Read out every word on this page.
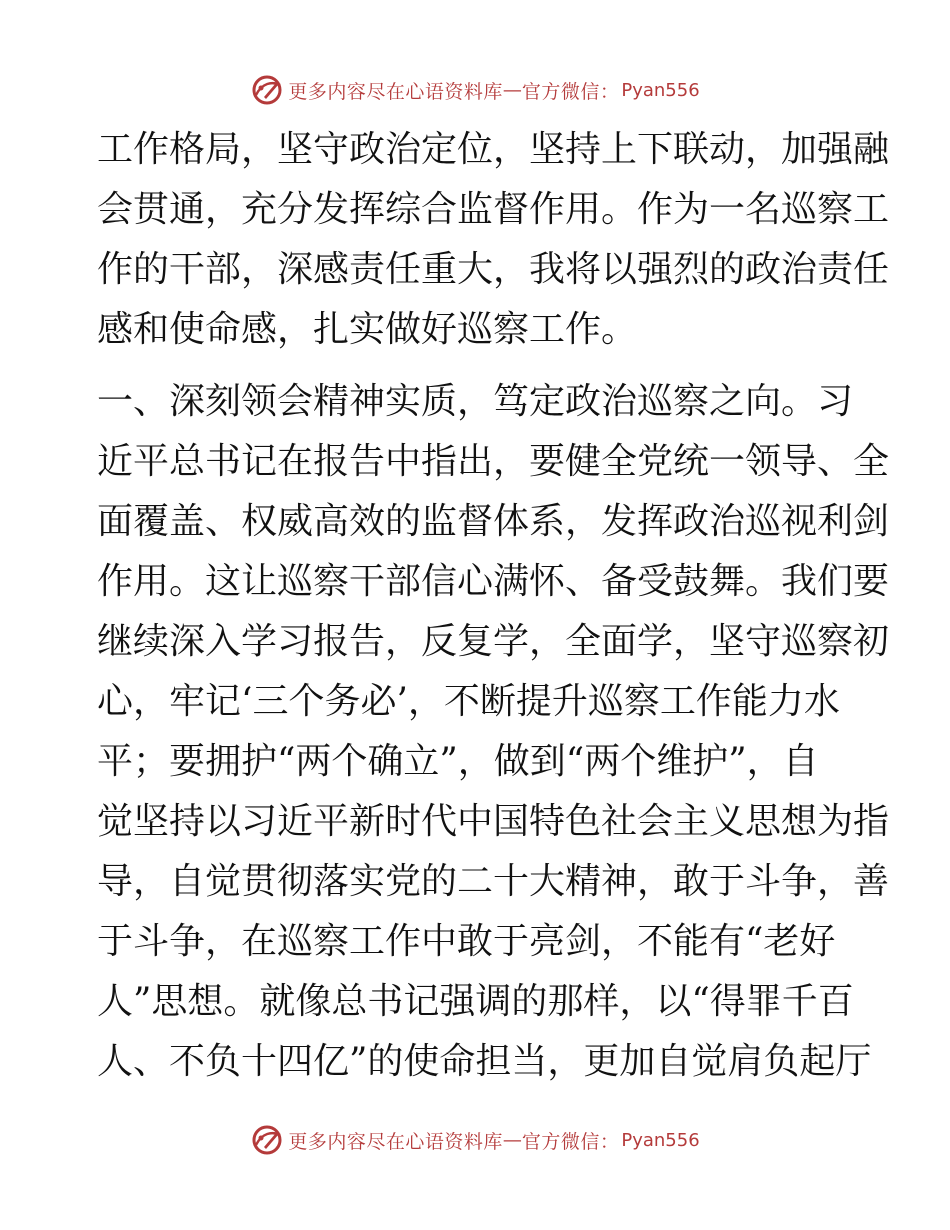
更多内容尽在心语资料库 — 官方微信： Pyan556
工作格局，坚守政治定位，坚持上下联动，加强融
会贯通，充分发挥综合监督作用。作为一名巡察工
作的干部，深感责任重大，我将以强烈的政治责任
感和使命感，扎实做好巡察工作。
一、深刻领会精神实质，笃定政治巡察之向。习
近平总书记在报告中指出，要健全党统一领导、全
面覆盖、权威高效的监督体系，发挥政治巡视利剑
作用。这让巡察干部信心满怀、备受鼓舞。我们要
继续深入学习报告，反复学，全面学，坚守巡察初
心，牢记‘三个务必’，不断提升巡察工作能力水
平；要拥护“两个确立”，做到“两个维护”，自
觉坚持以习近平新时代中国特色社会主义思想为指
导，自觉贯彻落实党的二十大精神，敢于斗争，善
于斗争，在巡察工作中敢于亮剑，不能有“老好
人”思想。就像总书记强调的那样，以“得罪千百
人、不负十四亿”的使命担当，更加自觉肩负起厅
更多内容尽在心语资料库 — 官方微信： Pyan556
